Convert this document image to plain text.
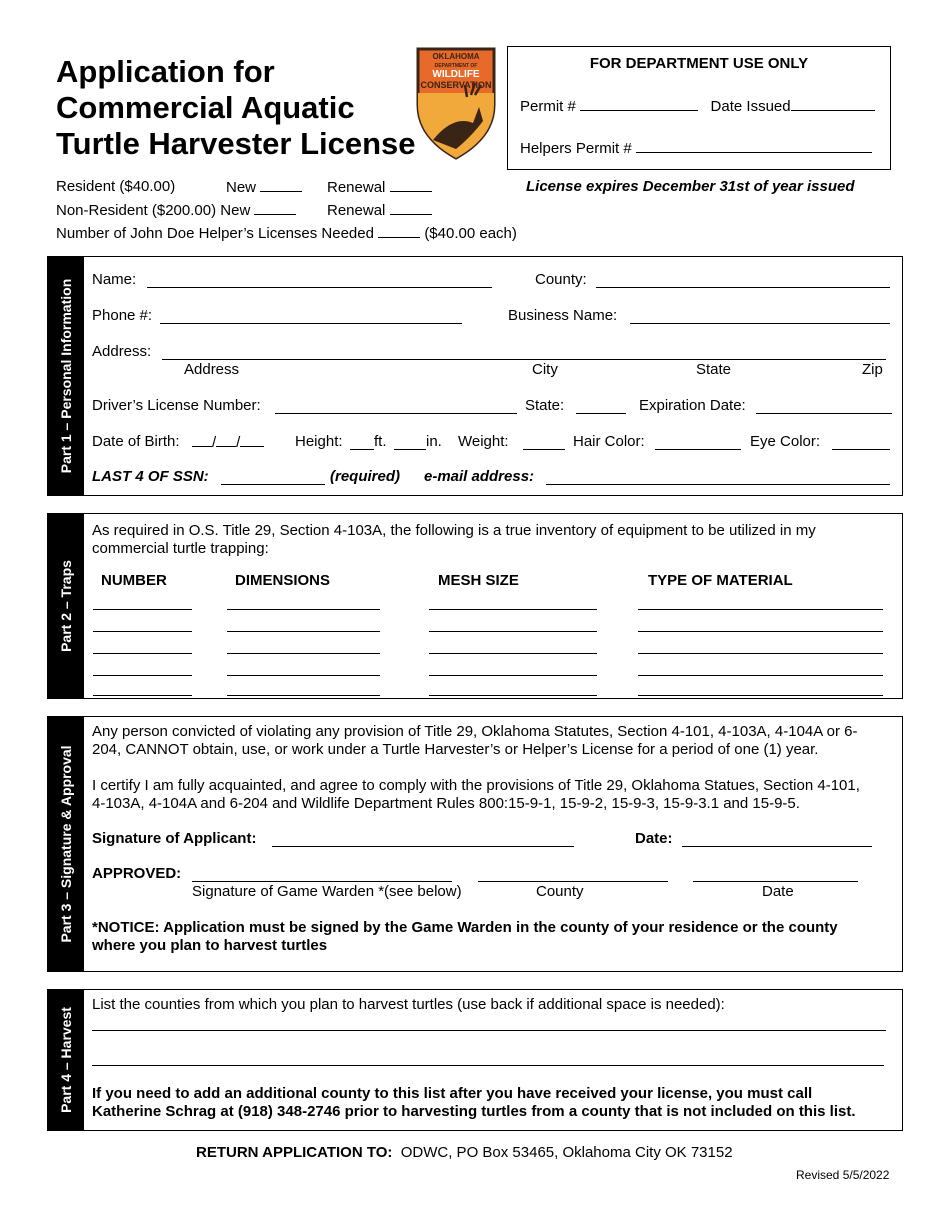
Application for
Commercial Aquatic
Turtle Harvester License
OKLAHOMA
DEPARTMENT OF
WILDLIFE
CONSERVATION
FOR DEPARTMENT USE ONLY
Permit #	Date Issued
Helpers Permit #
Resident ($40.00)	New	Renewal	License expires December 31st of year issued
Non-Resident ($200.00) New	Renewal
Number of John Doe Helper’s Licenses Needed	($40.00 each)
Part 1 – Personal Information Name:	County:
Phone #:	Business Name:
Address:
Address	City	State	Zip
Driver’s License Number:	State:	Expiration Date:
Date of Birth:	/ /	Height: ft.	in. Weight:	Hair Color:	Eye Color:
LAST 4 OF SSN:	(required) e-mail address:
Part 2 – Traps
As required in O.S. Title 29, Section 4-103A, the following is a true inventory of equipment to be utilized in my
commercial turtle trapping:
NUMBER	DIMENSIONS	MESH SIZE	TYPE OF MATERIAL
Part 3 – Signature & Approval
Any person convicted of violating any provision of Title 29, Oklahoma Statutes, Section 4-101, 4-103A, 4-104A or 6-
204, CANNOT obtain, use, or work under a Turtle Harvester’s or Helper’s License for a period of one (1) year.
I certify I am fully acquainted, and agree to comply with the provisions of Title 29, Oklahoma Statues, Section 4-101,
4-103A, 4-104A and 6-204 and Wildlife Department Rules 800:15-9-1, 15-9-2, 15-9-3, 15-9-3.1 and 15-9-5.
Signature of Applicant:	Date:
APPROVED:
Signature of Game Warden *(see below)	County	Date
*NOTICE: Application must be signed by the Game Warden in the county of your residence or the county
where you plan to harvest turtles
Part 4 – Harvest
List the counties from which you plan to harvest turtles (use back if additional space is needed):
If you need to add an additional county to this list after you have received your license, you must call
Katherine Schrag at (918) 348-2746 prior to harvesting turtles from a county that is not included on this list.
RETURN APPLICATION TO: ODWC, PO Box 53465, Oklahoma City OK 73152
Revised 5/5/2022
